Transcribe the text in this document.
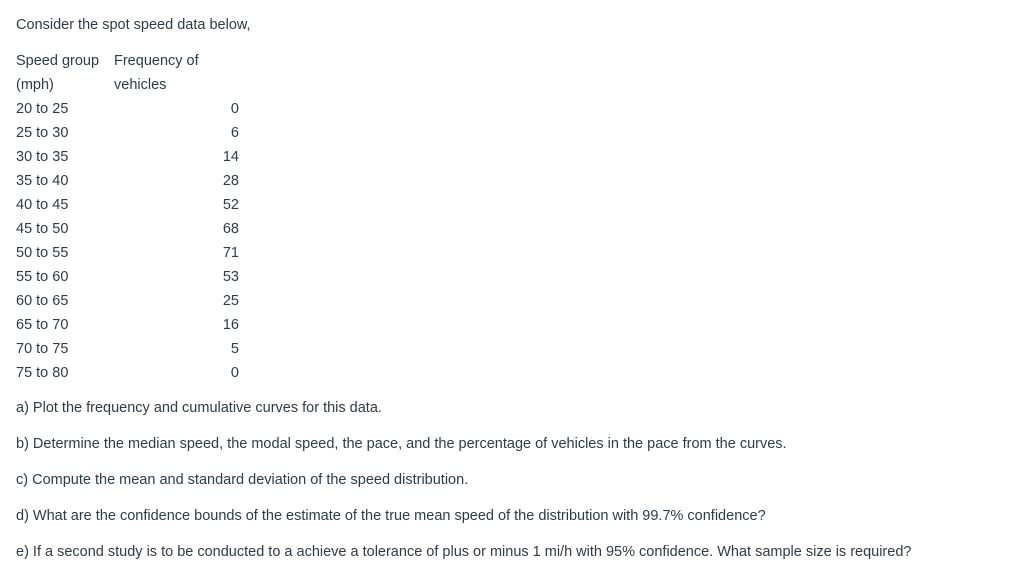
Consider the spot speed data below,
Speed group	Frequency of
(mph)	vehicles
20 to 25	0
25 to 30	6
30 to 35	14
35 to 40	28
40 to 45	52
45 to 50	68
50 to 55	71
55 to 60	53
60 to 65	25
65 to 70	16
70 to 75	5
75 to 80	0
a) Plot the frequency and cumulative curves for this data.
b) Determine the median speed, the modal speed, the pace, and the percentage of vehicles in the pace from the curves.
c) Compute the mean and standard deviation of the speed distribution.
d) What are the confidence bounds of the estimate of the true mean speed of the distribution with 99.7% confidence?
e) If a second study is to be conducted to a achieve a tolerance of plus or minus 1 mi/h with 95% confidence. What sample size is required?
